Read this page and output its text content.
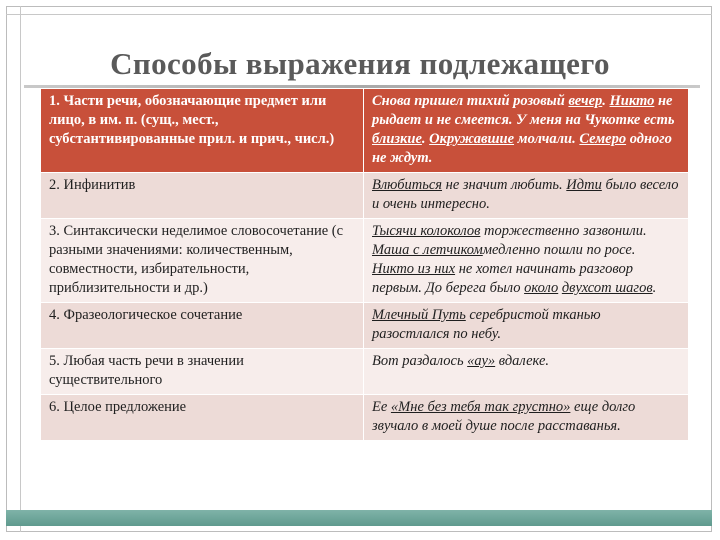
Способы выражения подлежащего
1. Части речи, обозначающие предмет или лицо, в им. п. (сущ., мест., субстантивированные прил. и прич., числ.)	Снова пришел тихий розовый вечер. Никто не рыдает и не смеется. У меня на Чукотке есть близкие. Окружавшие молчали. Семеро одного не ждут.
2. Инфинитив	Влюбиться не значит любить. Идти было весело и очень интересно.
3. Синтаксически неделимое словосочетание (с разными значениями: количественным, совместности, избирательности, приблизительности и др.)	Тысячи колоколов торжественно зазвонили. Маша с летчикоммедленно пошли по росе. Никто из них не хотел начинать разговор первым. До берега было около двухсот шагов.
4. Фразеологическое сочетание	Млечный Путь серебристой тканью разостлался по небу.
5. Любая часть речи в значении существительного	Вот раздалось «ау» вдалеке.
6. Целое предложение	Ее «Мне без тебя так грустно» еще долго звучало в моей душе после расставанья.
